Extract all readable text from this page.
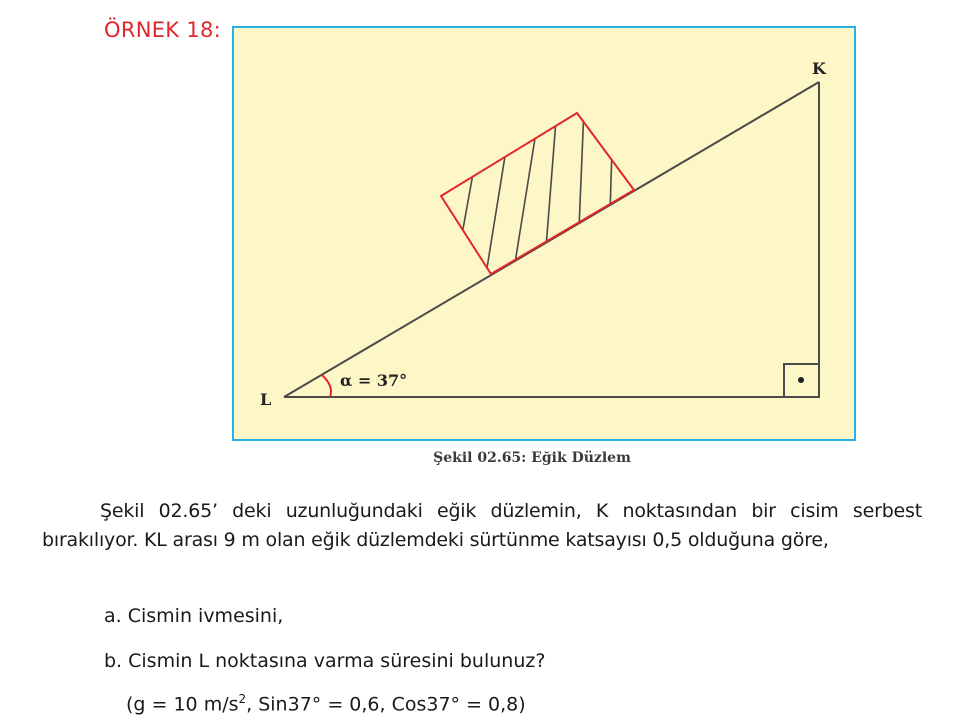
ÖRNEK 18:
K
L
α = 37°
Şekil 02.65: Eğik Düzlem
Şekil 02.65’ deki uzunluğundaki eğik düzlemin, K noktasından bir cisim serbest bırakılıyor. KL arası 9 m olan eğik düzlemdeki sürtünme katsayısı 0,5 olduğuna göre,
a. Cismin ivmesini,
b. Cismin L noktasına varma süresini bulunuz?
(g = 10 $m/s^2$, Sin37° = 0,6, Cos37° = 0,8)
